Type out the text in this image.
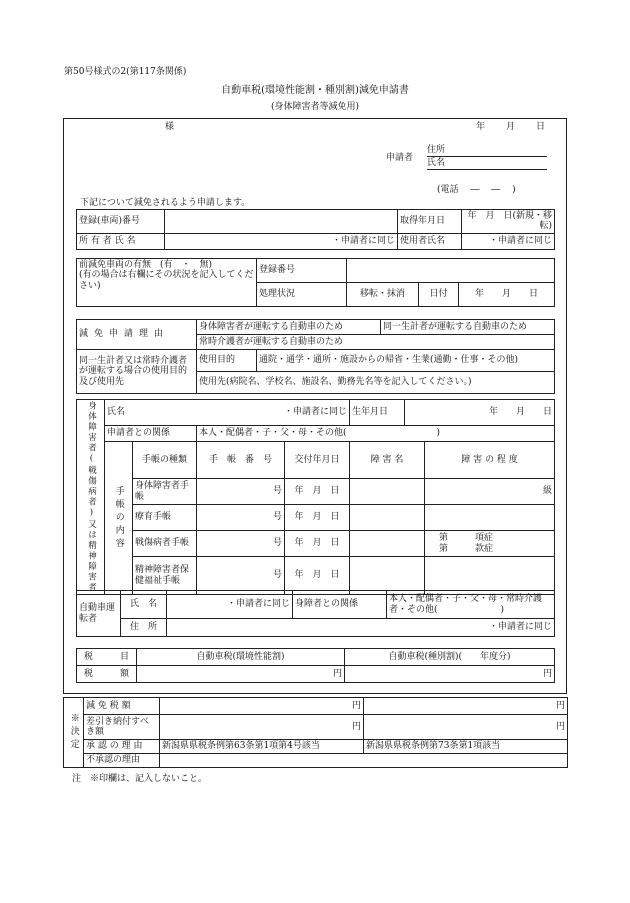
第50号様式の2(第117条関係)
自動車税(環境性能割・種別割)減免申請書
(身体障害者等減免用)
様	年 月 日
申請者
住所
氏名
(電話　 ―　 ―　 )
下記について減免されるよう申請します。
登録(車両)番号		取得年月日	年　月　日(新規・移転)
所 有 者 氏 名	・申請者に同じ	使用者氏名	・申請者に同じ
前減免車両の有無　 (有　・　無)
(有の場合は右欄にその状況を記入してください)	登録番号			
	処理状況	移転・抹消	日付	年　　月　　日
減免申請理由	身体障害者が運転する自動車のため		同一生計者が運転する自動車のため
	常時介護者が運転する自動車のため		
同一生計者又は常時介護者が運転する場合の使用目的及び使用先	使用目的	通院・通学・通所・施設からの帰省・生業(通勤・仕事・その他)	
	使用先(病院名、学校名、施設名、勤務先名等を記入してください。)		
身体障害者(戦傷病者)又は精神障害者	氏名 ・申請者に同じ				生年月日	年　　月　　日	
	申請者との関係		本人・配偶者・子・父・母・その他(　　　　　　　　　　)				
	手帳の内容	手帳の種類	手　帳　番　号	交付年月日	障 害 名		障 害 の 程 度
		身体障害者手帳	号	年　月　日			級
		療育手帳	号	年　月　日			
		戦傷病者手帳	号	年　月　日			第　　　項症
第　　　款症
		精神障害者保健福祉手帳	号	年　月　日			
自動車運転者	氏　名	・申請者に同じ	身障者との関係	本人・配偶者・子・父・母・常時介護者・その他(　　　　　　　)
	住　所	・申請者に同じ		
税　　　目	自動車税(環境性能割)	自動車税(種別割)(　　年度分)
税　　　額	円	円
※決定	減 免 税 額	円	円
	差引き納付すべき額	円	円
	承 認 の 理 由	新潟県県税条例第63条第1項第4号該当	新潟県県税条例第73条第1項該当
	不承認の理由		
注　※印欄は、記入しないこと。
